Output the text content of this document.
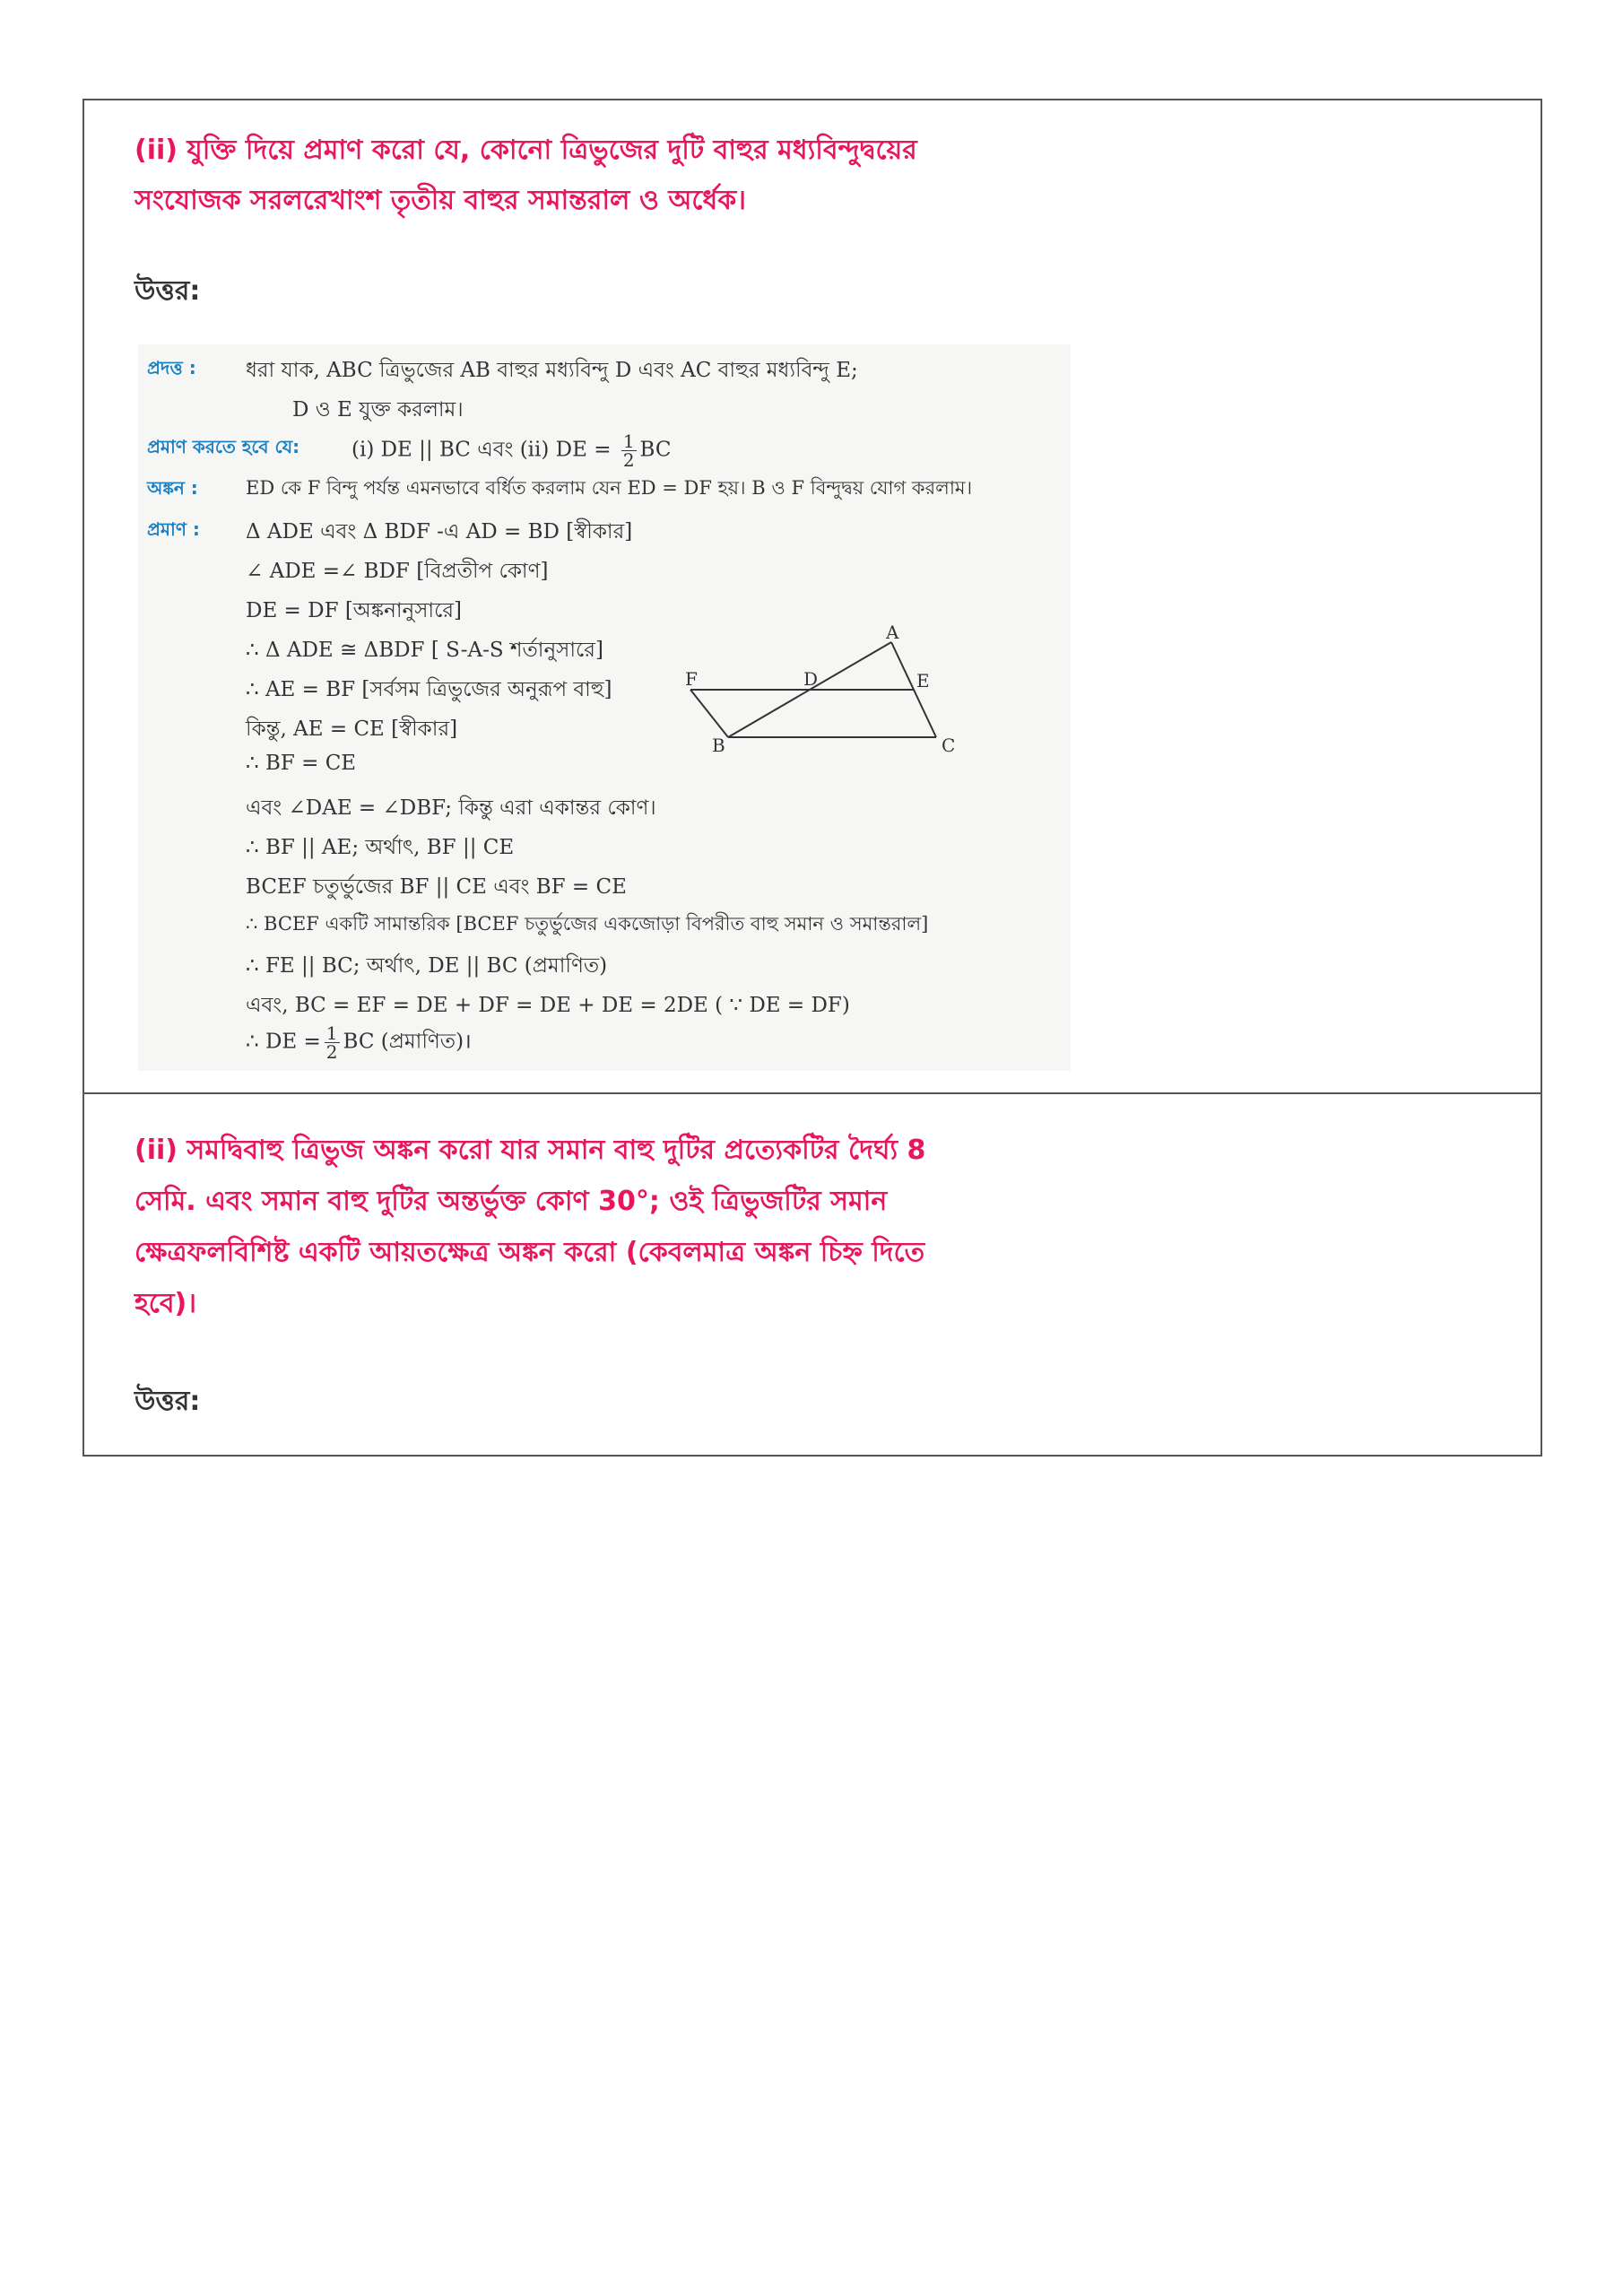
(ii) যুক্তি দিয়ে প্রমাণ করো যে, কোনো ত্রিভুজের দুটি বাহুর মধ্যবিন্দুদ্বয়ের
সংযোজক সরলরেখাংশ তৃতীয় বাহুর সমান্তরাল ও অর্ধেক।
উত্তর:
প্রদত্ত : ধরা যাক, ABC ত্রিভুজের AB বাহুর মধ্যবিন্দু D এবং AC বাহুর মধ্যবিন্দু E;
D ও E যুক্ত করলাম।
প্রমাণ করতে হবে যে:	(i) DE || BC এবং (ii) DE = $\frac{1}{2}$ BC
অঙ্কন :	ED কে F বিন্দু পর্যন্ত এমনভাবে বর্ধিত করলাম যেন ED = DF হয়। B ও F বিন্দুদ্বয় যোগ করলাম।
প্রমাণ : Δ ADE এবং Δ BDF -এ AD = BD [স্বীকার]
∠ ADE =∠ BDF [বিপ্রতীপ কোণ]
DE = DF [অঙ্কনানুসারে]
∴ Δ ADE ≅ ΔBDF [ S-A-S শর্তানুসারে]
∴ AE = BF [সর্বসম ত্রিভুজের অনুরূপ বাহু]
কিন্তু, AE = CE [স্বীকার]
∴ BF = CE
এবং ∠DAE = ∠DBF; কিন্তু এরা একান্তর কোণ।
∴ BF || AE; অর্থাৎ, BF || CE
BCEF চতুর্ভুজের BF || CE এবং BF = CE
∴ BCEF একটি সামান্তরিক [BCEF চতুর্ভুজের একজোড়া বিপরীত বাহু সমান ও সমান্তরাল]
∴ FE || BC; অর্থাৎ, DE || BC (প্রমাণিত)
এবং, BC = EF = DE + DF = DE + DE = 2DE ( ∵ DE = DF)
∴ DE = $\frac{1}{2}$ BC (প্রমাণিত)।
A
B	C
D	E
F
(ii) সমদ্বিবাহু ত্রিভুজ অঙ্কন করো যার সমান বাহু দুটির প্রত্যেকটির দৈর্ঘ্য 8
সেমি. এবং সমান বাহু দুটির অন্তর্ভুক্ত কোণ 30°; ওই ত্রিভুজটির সমান
ক্ষেত্রফলবিশিষ্ট একটি আয়তক্ষেত্র অঙ্কন করো (কেবলমাত্র অঙ্কন চিহ্ন দিতে
হবে)।
উত্তর:
